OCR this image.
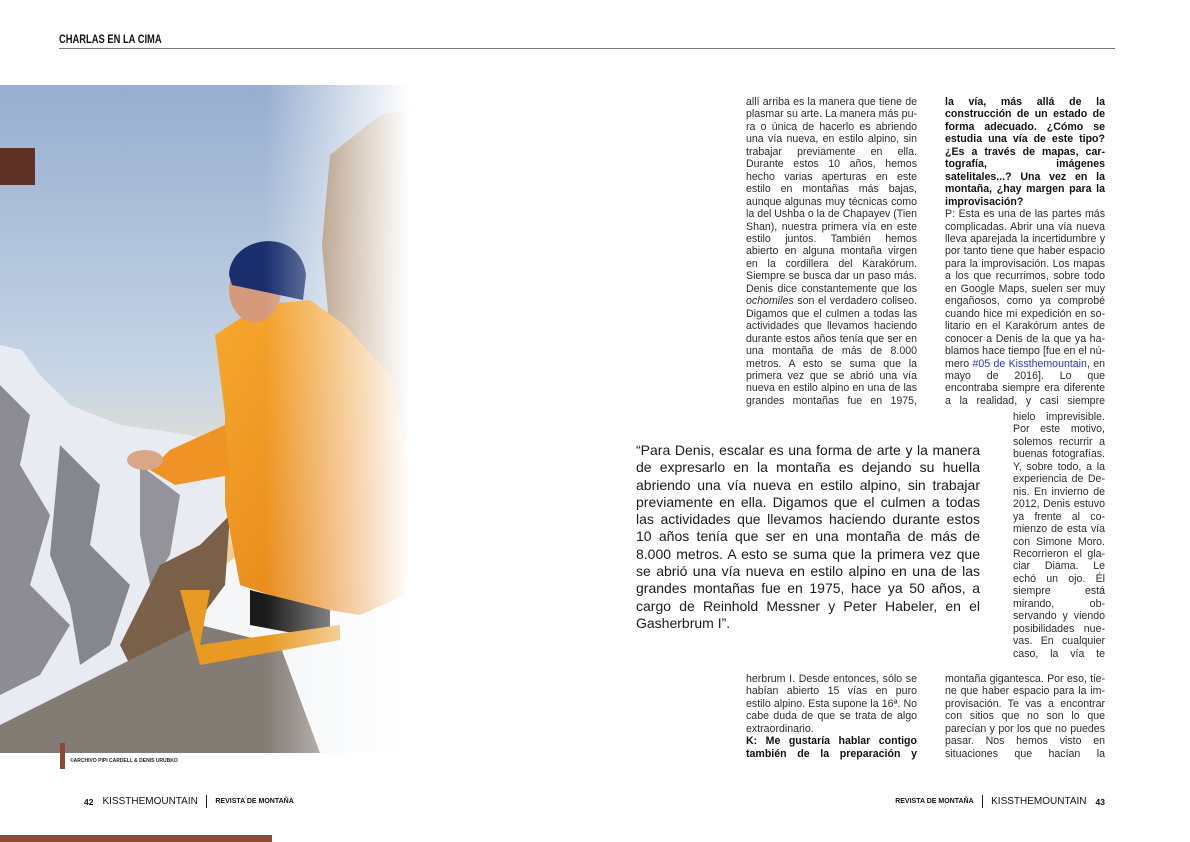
CHARLAS EN LA CIMA
©ARCHIVO PIPI CARDELL & DENIS URUBKO

allí arriba es la manera que tiene de plasmar su arte. La manera más pura o única de hacerlo es abriendo una vía nueva, en estilo alpino, sin trabajar previamente en ella. Durante estos 10 años, hemos hecho varias aperturas en este estilo en montañas más bajas, aunque algunas muy técnicas como la del Ushba o la de Chapayev (Tien Shan), nuestra primera vía en este estilo juntos. También hemos abierto en alguna montaña virgen en la cordillera del Karakórum. Siempre se busca dar un paso más. Denis dice constantemente que los ochomiles son el verdadero coliseo. Digamos que el culmen a todas las actividades que llevamos haciendo durante estos años tenía que ser en una montaña de más de 8.000 metros. A esto se suma que la primera vez que se abrió una vía nueva en estilo alpino en una de las grandes montañas fue en 1975,

herbrum I. Desde entonces, sólo se habían abierto 15 vías en puro estilo alpino. Esta supone la 16ª. No cabe duda de que se trata de algo extraordinario.

K: Me gustaría hablar contigo también de la preparación y

la vía, más allá de la construcción de un estado de forma adecuado. ¿Cómo se estudia una vía de este tipo? ¿Es a través de mapas, cartografía, imágenes satelitales...? Una vez en la montaña, ¿hay margen para la improvisación?

P: Esta es una de las partes más complicadas. Abrir una vía nueva lleva aparejada la incertidumbre y por tanto tiene que haber espacio para la improvisación. Los mapas a los que recurrimos, sobre todo en Google Maps, suelen ser muy engañosos, como ya comprobé cuando hice mi expedición en solitario en el Karakórum antes de conocer a Denis de la que ya hablamos hace tiempo [fue en el número #05 de Kissthemountain, en mayo de 2016]. Lo que encontraba siempre era diferente a la realidad, y casi siempre

hielo imprevisible. Por este motivo, solemos recurrir a buenas fotografías. Y, sobre todo, a la experiencia de Denis. En invierno de 2012, Denis estuvo ya frente al comienzo de esta vía con Simone Moro. Recorrieron el glaciar Diama. Le echó un ojo. Él siempre está mirando, observando y viendo posibilidades nuevas. En cualquier caso, la vía te

montaña gigantesca. Por eso, tiene que haber espacio para la improvisación. Te vas a encontrar con sitios que no son lo que parecían y por los que no puedes pasar. Nos hemos visto en situaciones que hacían la

“Para Denis, escalar es una forma de arte y la manera de expresarlo en la montaña es dejando su huella abriendo una vía nueva en estilo alpino, sin trabajar previamente en ella. Digamos que el culmen a todas las actividades que llevamos haciendo durante estos 10 años tenía que ser en una montaña de más de 8.000 metros. A esto se suma que la primera vez que se abrió una vía nueva en estilo alpino en una de las grandes montañas fue en 1975, hace ya 50 años, a cargo de Reinhold Messner y Peter Habeler, en el Gasherbrum I”.
42 KISSTHEMOUNTAIN	REVISTA DE MONTAÑA	REVISTA DE MONTAÑA KISSTHEMOUNTAIN 43
